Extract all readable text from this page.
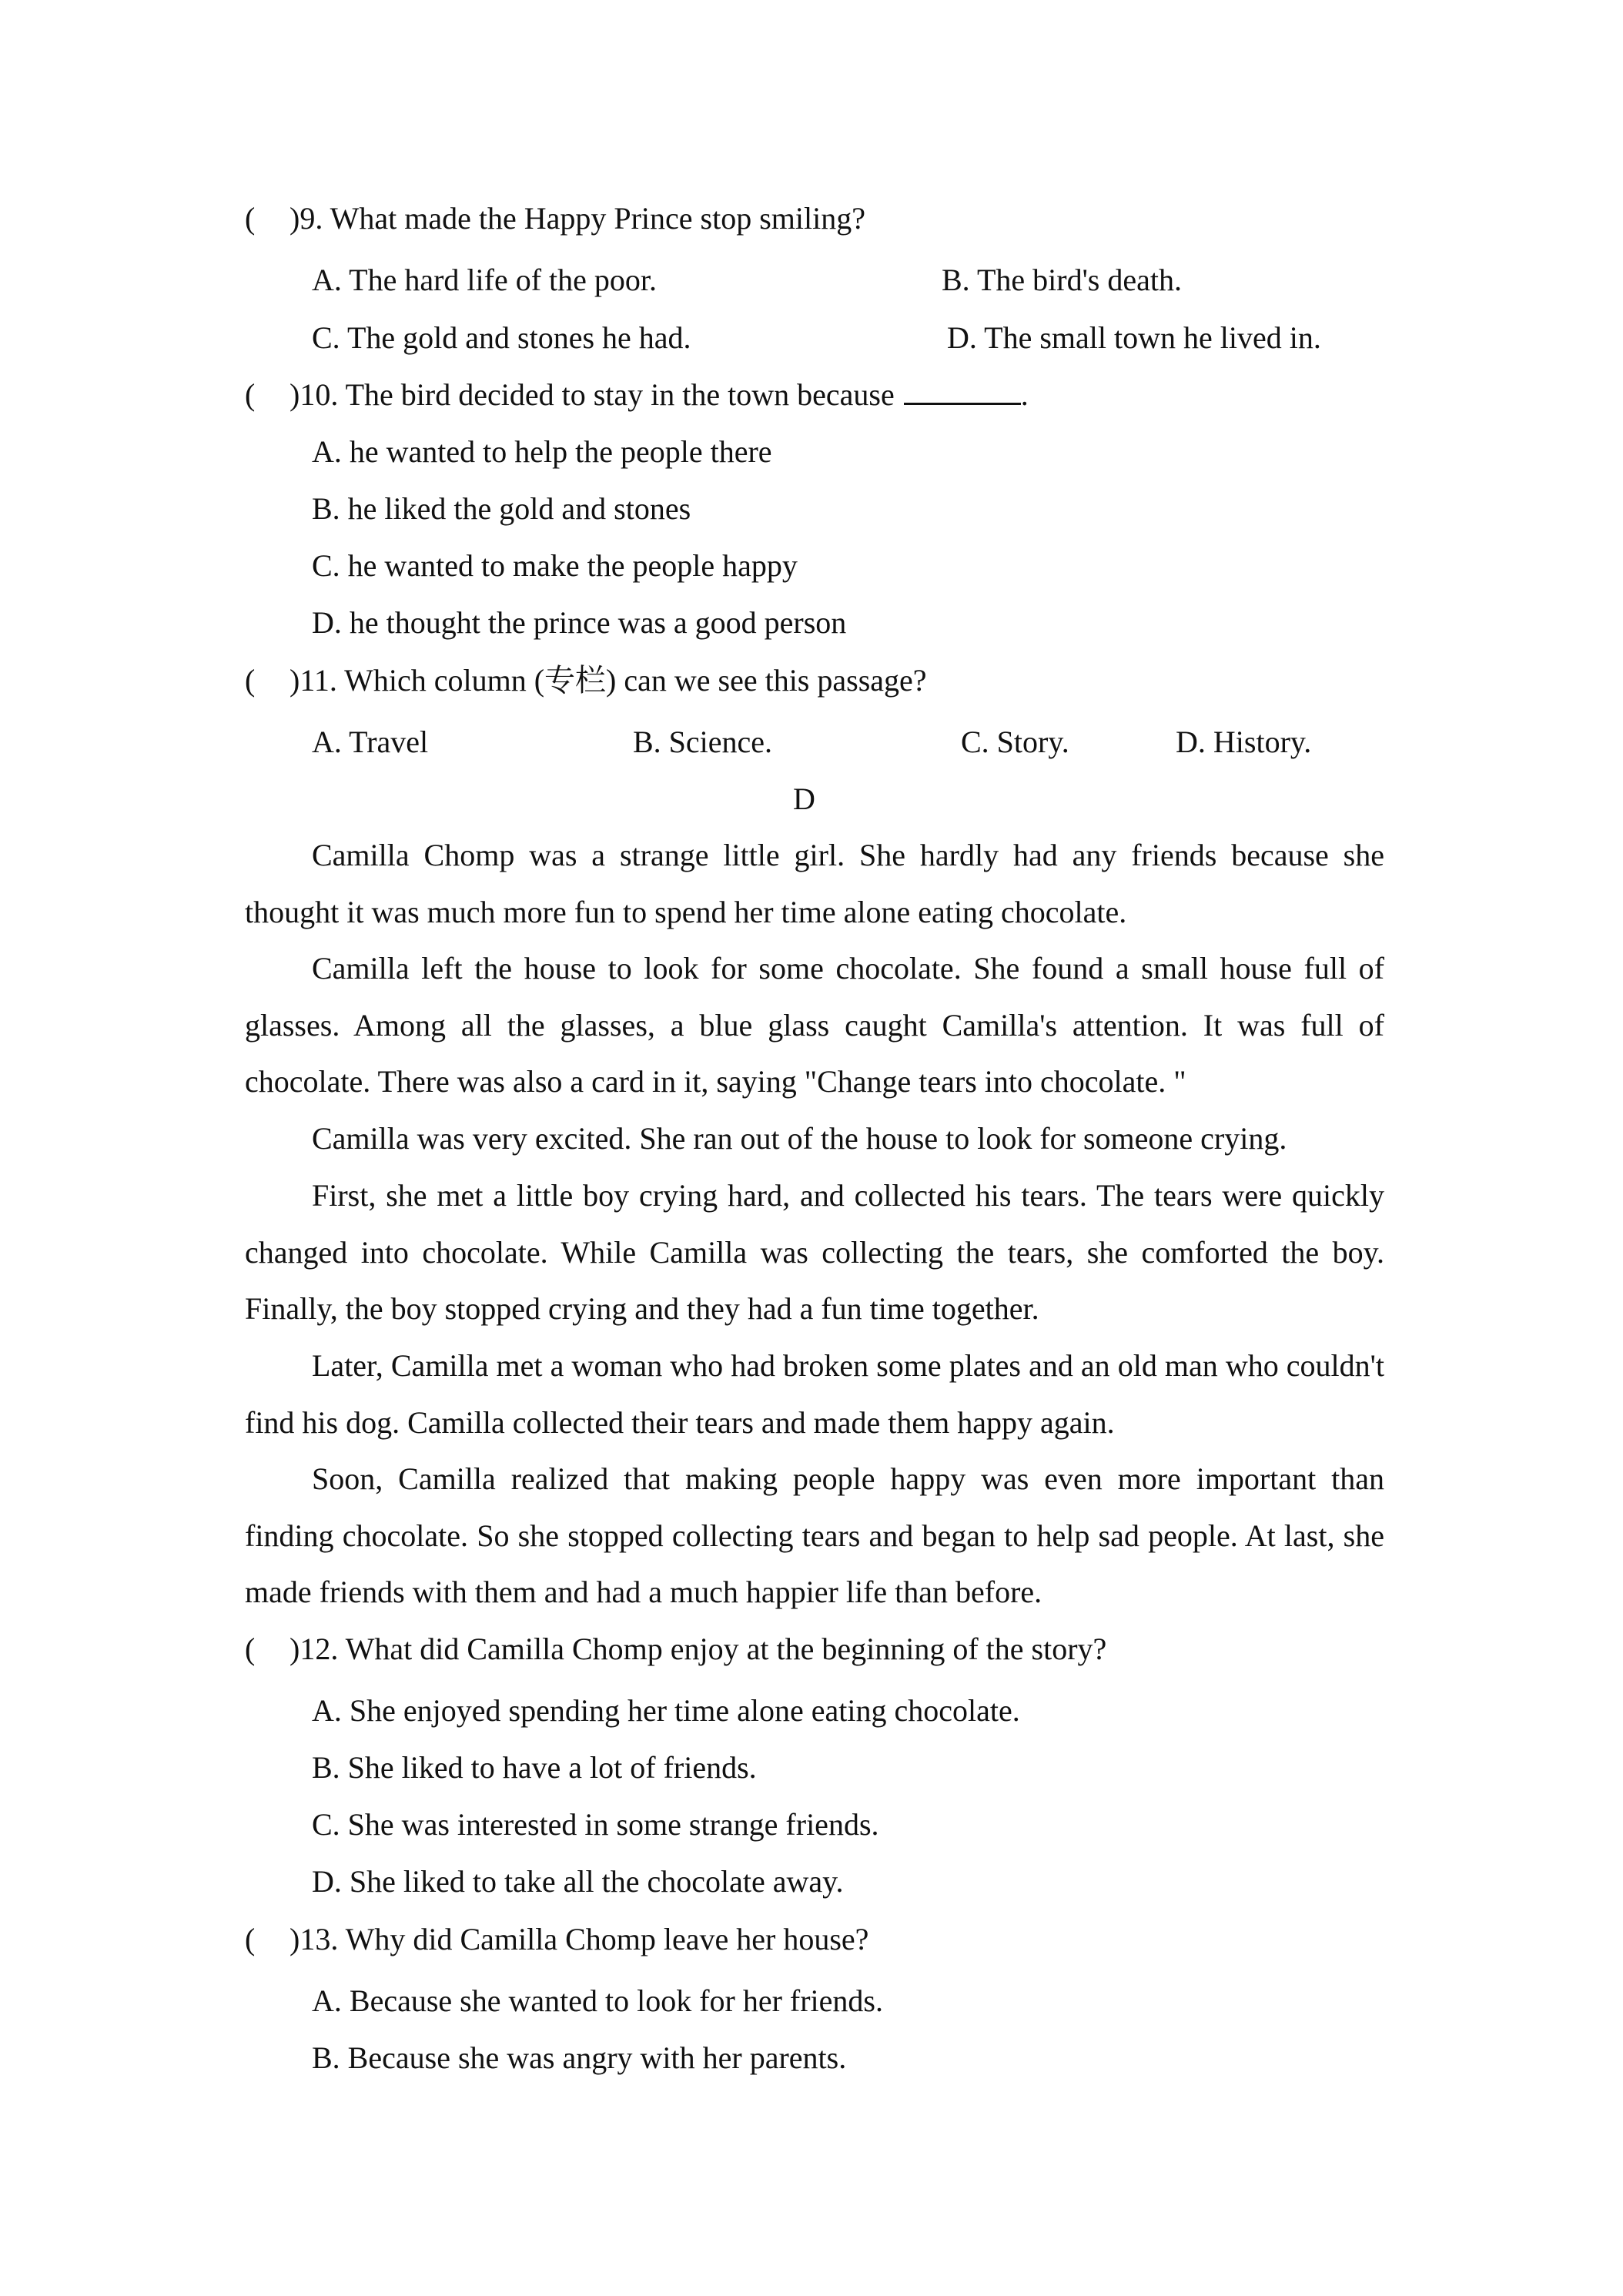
( )9. What made the Happy Prince stop smiling?

A. The hard life of the poor.	B. The bird's death.

C. The gold and stones he had.	D. The small town he lived in.

( )10. The bird decided to stay in the town because	.

A. he wanted to help the people there

B. he liked the gold and stones

C. he wanted to make the people happy

D. he thought the prince was a good person

( )11. Which column (专栏) can we see this passage?

A. Travel	B. Science.	C. Story.	D. History.

D

Camilla Chomp was a strange little girl. She hardly had any friends because she thought it was much more fun to spend her time alone eating chocolate.

Camilla left the house to look for some chocolate. She found a small house full of glasses. Among all the glasses, a blue glass caught Camilla's attention. It was full of chocolate. There was also a card in it, saying "Change tears into chocolate. "

Camilla was very excited. She ran out of the house to look for someone crying.

First, she met a little boy crying hard, and collected his tears. The tears were quickly changed into chocolate. While Camilla was collecting the tears, she comforted the boy. Finally, the boy stopped crying and they had a fun time together.

Later, Camilla met a woman who had broken some plates and an old man who couldn't find his dog. Camilla collected their tears and made them happy again.

Soon, Camilla realized that making people happy was even more important than finding chocolate. So she stopped collecting tears and began to help sad people. At last, she made friends with them and had a much happier life than before.

( )12. What did Camilla Chomp enjoy at the beginning of the story?

A. She enjoyed spending her time alone eating chocolate.

B. She liked to have a lot of friends.

C. She was interested in some strange friends.

D. She liked to take all the chocolate away.

( )13. Why did Camilla Chomp leave her house?

A. Because she wanted to look for her friends.

B. Because she was angry with her parents.
